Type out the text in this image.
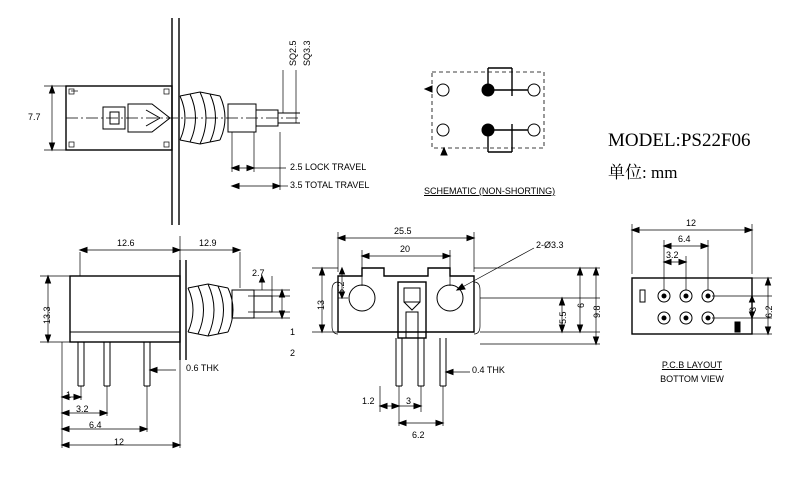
MODEL:PS22F06
单位: mm
7.7
SQ2.5 SQ3.3
2.5 LOCK TRAVEL
3.5 TOTAL TRAVEL
SCHEMATIC (NON-SHORTING)
12.6	12.9
2.7
13.3
1
2
1
3.2
6.4
12
0.6 THK
25.5
20	2-Ø3.3
6.2
13
5.5
6 9.8
1.2	3
6.2
0.4 THK
12
6.4
3.2
3 6.2
P.C.B LAYOUT
BOTTOM VIEW
